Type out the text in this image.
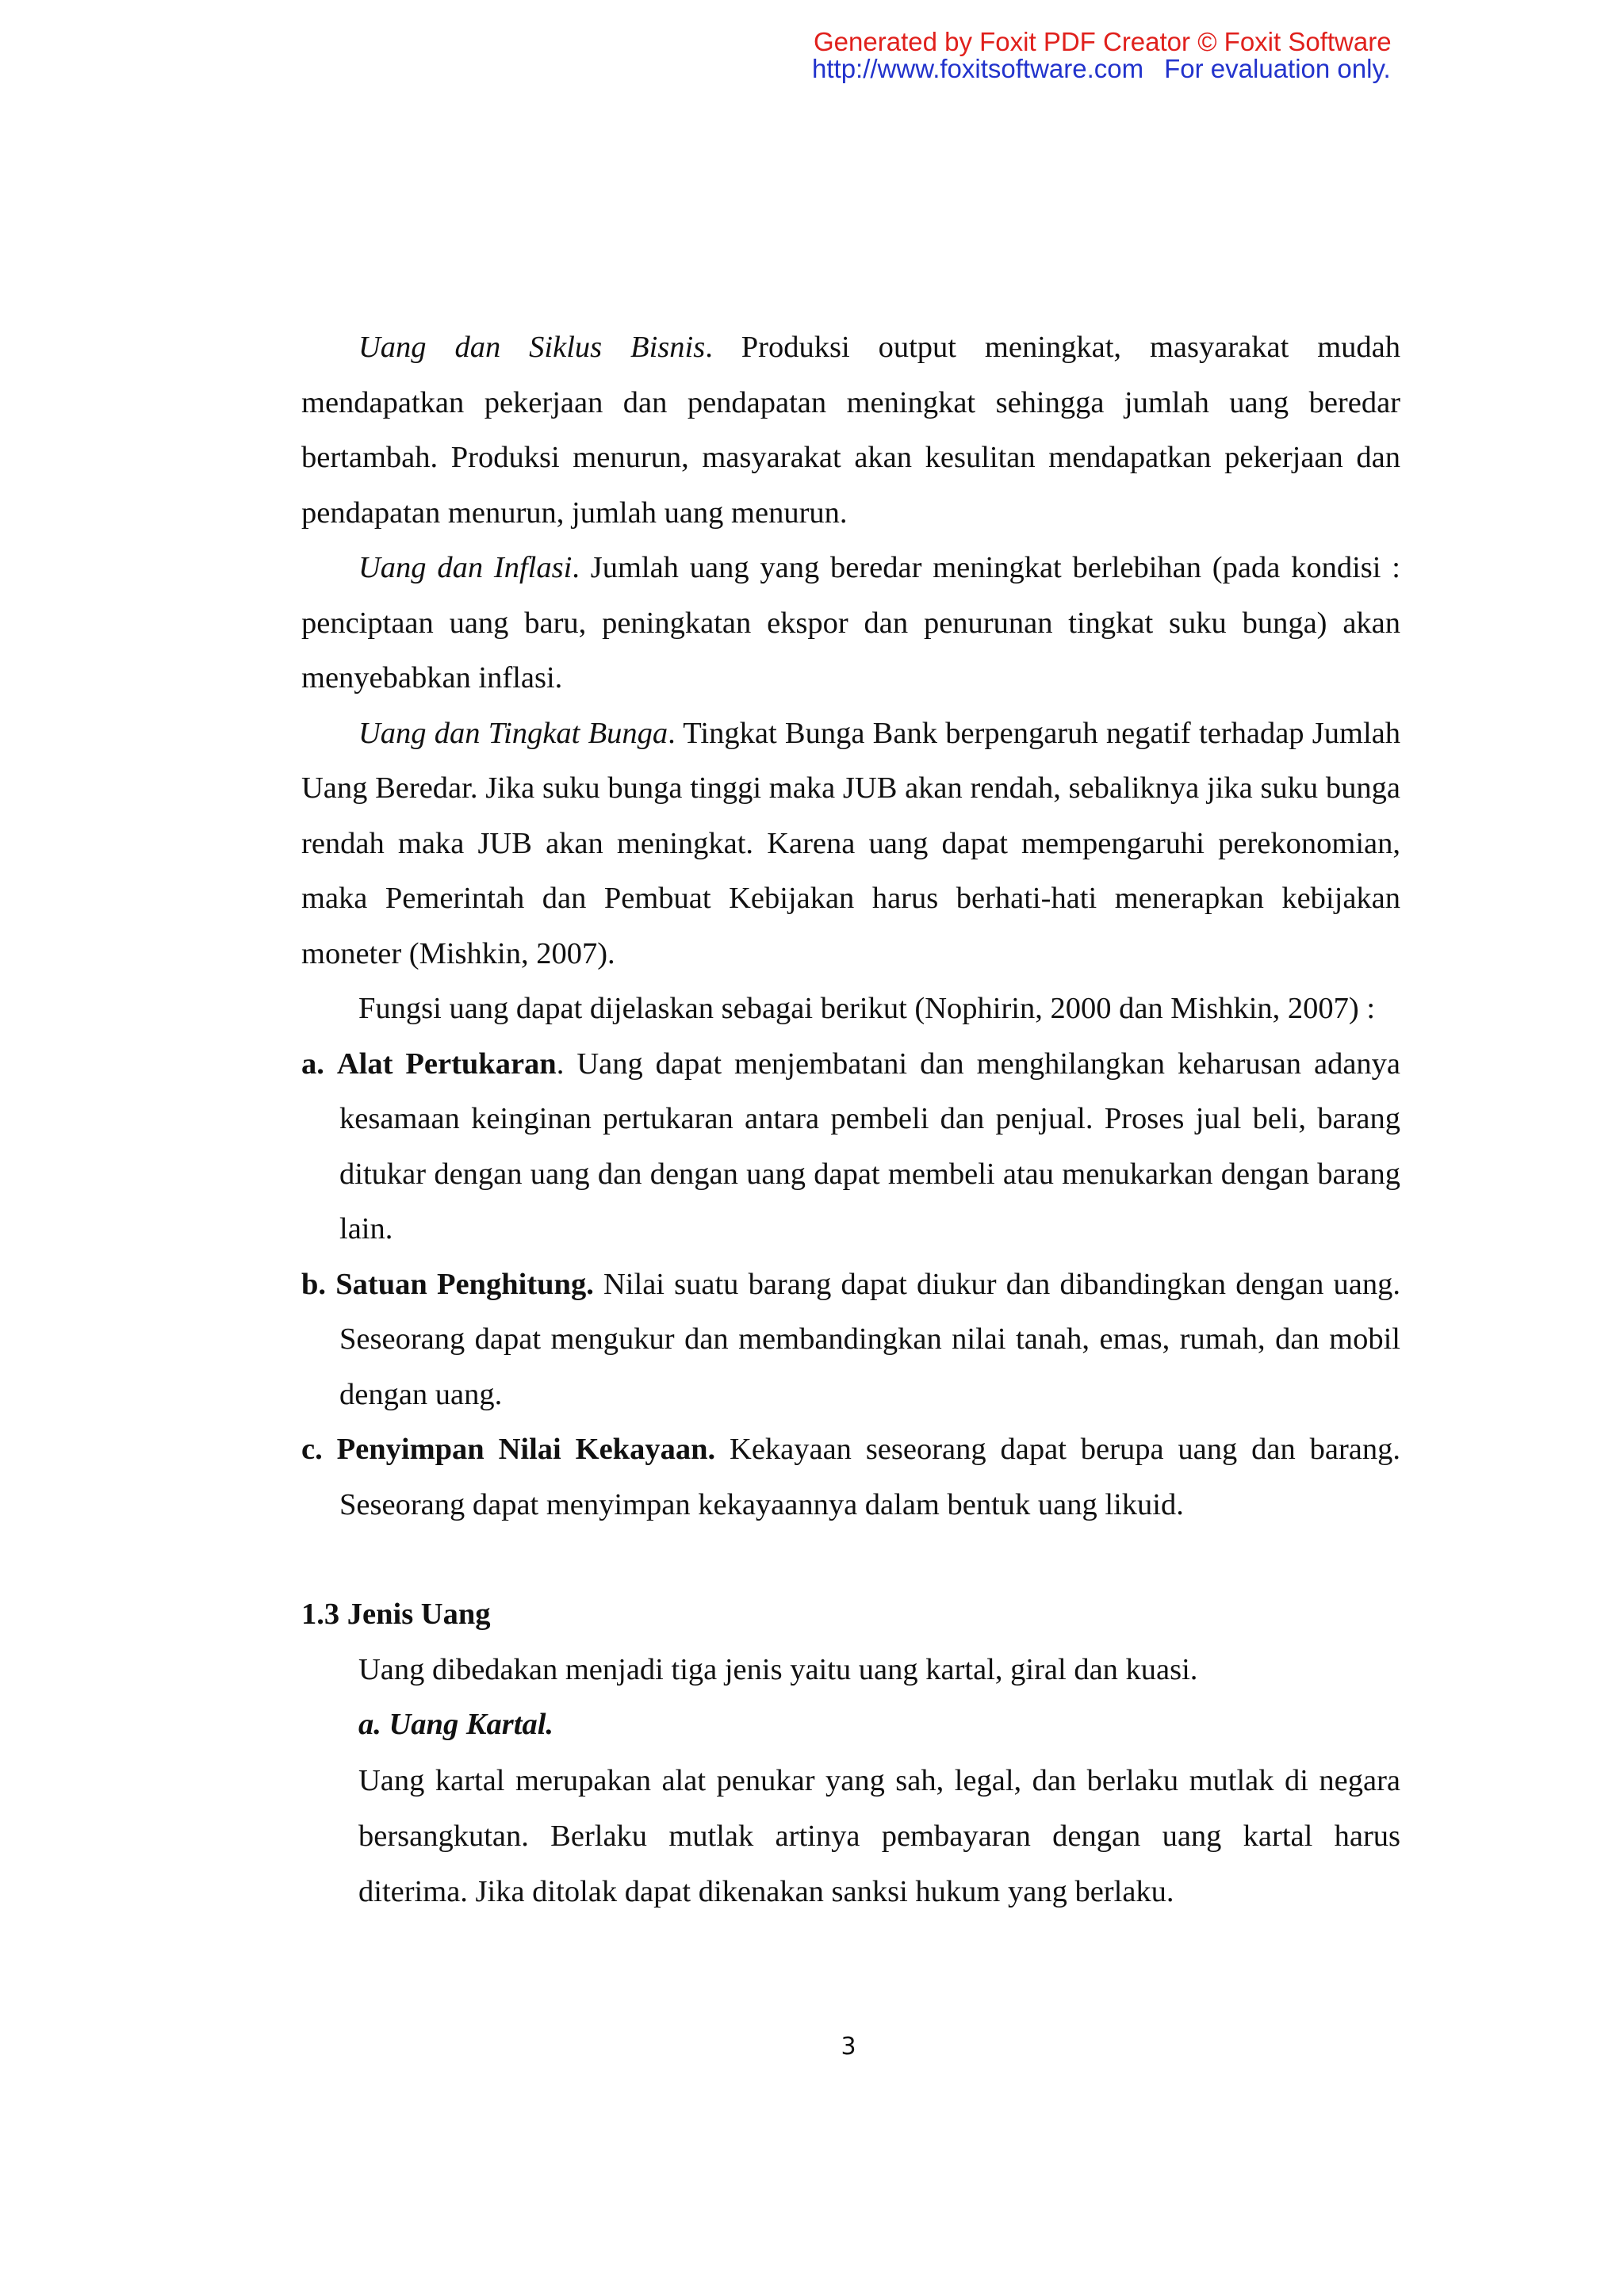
Generated by Foxit PDF Creator © Foxit Software
http://www.foxitsoftware.com For evaluation only.

Uang dan Siklus Bisnis. Produksi output meningkat, masyarakat mudah mendapatkan pekerjaan dan pendapatan meningkat sehingga jumlah uang beredar bertambah. Produksi menurun, masyarakat akan kesulitan mendapatkan pekerjaan dan pendapatan menurun, jumlah uang menurun.

Uang dan Inflasi. Jumlah uang yang beredar meningkat berlebihan (pada kondisi : penciptaan uang baru, peningkatan ekspor dan penurunan tingkat suku bunga) akan menyebabkan inflasi.

Uang dan Tingkat Bunga. Tingkat Bunga Bank berpengaruh negatif terhadap Jumlah Uang Beredar. Jika suku bunga tinggi maka JUB akan rendah, sebaliknya jika suku bunga rendah maka JUB akan meningkat. Karena uang dapat mempengaruhi perekonomian, maka Pemerintah dan Pembuat Kebijakan harus berhati-hati menerapkan kebijakan moneter (Mishkin, 2007).

Fungsi uang dapat dijelaskan sebagai berikut (Nophirin, 2000 dan Mishkin, 2007) :

a. Alat Pertukaran. Uang dapat menjembatani dan menghilangkan keharusan adanya kesamaan keinginan pertukaran antara pembeli dan penjual. Proses jual beli, barang ditukar dengan uang dan dengan uang dapat membeli atau menukarkan dengan barang lain.

b. Satuan Penghitung. Nilai suatu barang dapat diukur dan dibandingkan dengan uang. Seseorang dapat mengukur dan membandingkan nilai tanah, emas, rumah, dan mobil dengan uang.

c. Penyimpan Nilai Kekayaan. Kekayaan seseorang dapat berupa uang dan barang. Seseorang dapat menyimpan kekayaannya dalam bentuk uang likuid.

1.3 Jenis Uang

Uang dibedakan menjadi tiga jenis yaitu uang kartal, giral dan kuasi.

a. Uang Kartal.

Uang kartal merupakan alat penukar yang sah, legal, dan berlaku mutlak di negara bersangkutan. Berlaku mutlak artinya pembayaran dengan uang kartal harus diterima. Jika ditolak dapat dikenakan sanksi hukum yang berlaku.

3
